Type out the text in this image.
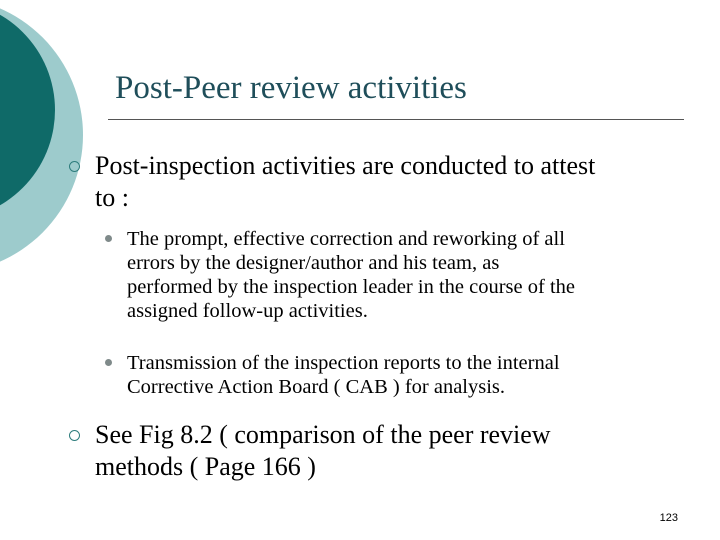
Post-Peer review activities
Post-inspection activities are conducted to attest
to :
The prompt, effective correction and reworking of all
errors by the designer/author and his team, as
performed by the inspection leader in the course of the
assigned follow-up activities.
Transmission of the inspection reports to the internal
Corrective Action Board ( CAB ) for analysis.
See Fig 8.2 ( comparison of the peer review
methods ( Page 166 )
123
